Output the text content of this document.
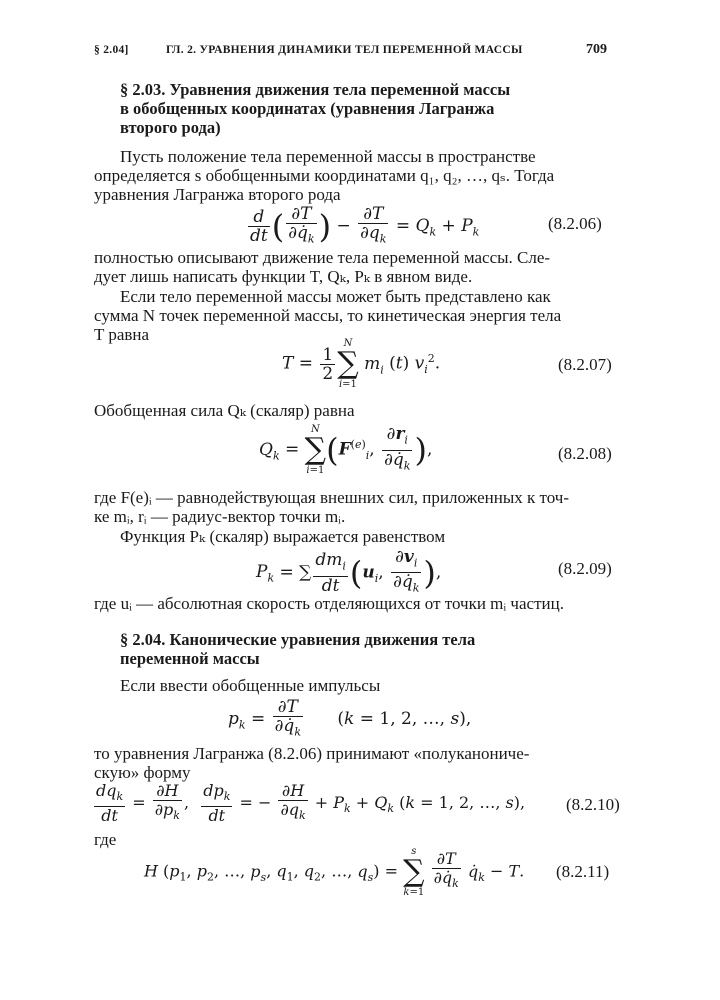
§ 2.04]	ГЛ. 2. УРАВНЕНИЯ ДИНАМИКИ ТЕЛ ПЕРЕМЕННОЙ МАССЫ	709
§ 2.03. Уравнения движения тела переменной массы
в обобщенных координатах (уравнения Лагранжа
второго рода)
Пусть положение тела переменной массы в пространстве
определяется s обобщенными координатами q₁, q₂, …, qₛ. Тогда
уравнения Лагранжа второго рода
$\frac{d}{dt}$ ( $\frac{\partial T}{\partial q̇_k}$ ) − $\frac{\partial T}{\partial q_k} = Q_k + P_k$	(8.2.06)
полностью описывают движение тела переменной массы. Сле-
дует лишь написать функции T, Qₖ, Pₖ в явном виде.
Если тело переменной массы может быть представлено как
сумма N точек переменной массы, то кинетическая энергия тела
T равна
$T = \frac{1}{2}$
N
∑
i=1
$m_i$ (t) $v_i^2$.	(8.2.07)
Обобщенная сила Qₖ (скаляр) равна
$Q_k$ =
N
∑
i=1
($F^{(e)}_i$, $\frac{\partial r_i}{\partial q̇_k}$ ),	(8.2.08)
где F(e)ᵢ — равнодействующая внешних сил, приложенных к точ-
ке mᵢ, rᵢ — радиус-вектор точки mᵢ.
Функция Pₖ (скаляр) выражается равенством
$P_k$ = ∑ $\frac{dm_i}{dt} (u_i$, $\frac{\partial v_i}{\partial q̇_k}$ ),	(8.2.09)
где uᵢ — абсолютная скорость отделяющихся от точки mᵢ частиц.
§ 2.04. Канонические уравнения движения тела
переменной массы
Если ввести обобщенные импульсы
$p_k = \frac{\partial T}{\partial q̇_k} (k = 1$, 2, …, s),
то уравнения Лагранжа (8.2.06) принимают «полуканониче-
скую» форму
$\frac{dq_k}{dt} = \frac{\partial H}{\partial p_k}$ , $\frac{dp_k}{dt}$ = − $\frac{\partial H}{\partial q_k} + P_k + Q_k$ (k = 1, 2, …, s), (8.2.10)
где
H ($p_1$, $p_2$, …, $p_s$, $q_1$, $q_2$, …, $q_s$) =
s
∑
k=1
$\frac{\partial T}{\partial q̇_k}$ $q̇_k - T$. (8.2.11)
